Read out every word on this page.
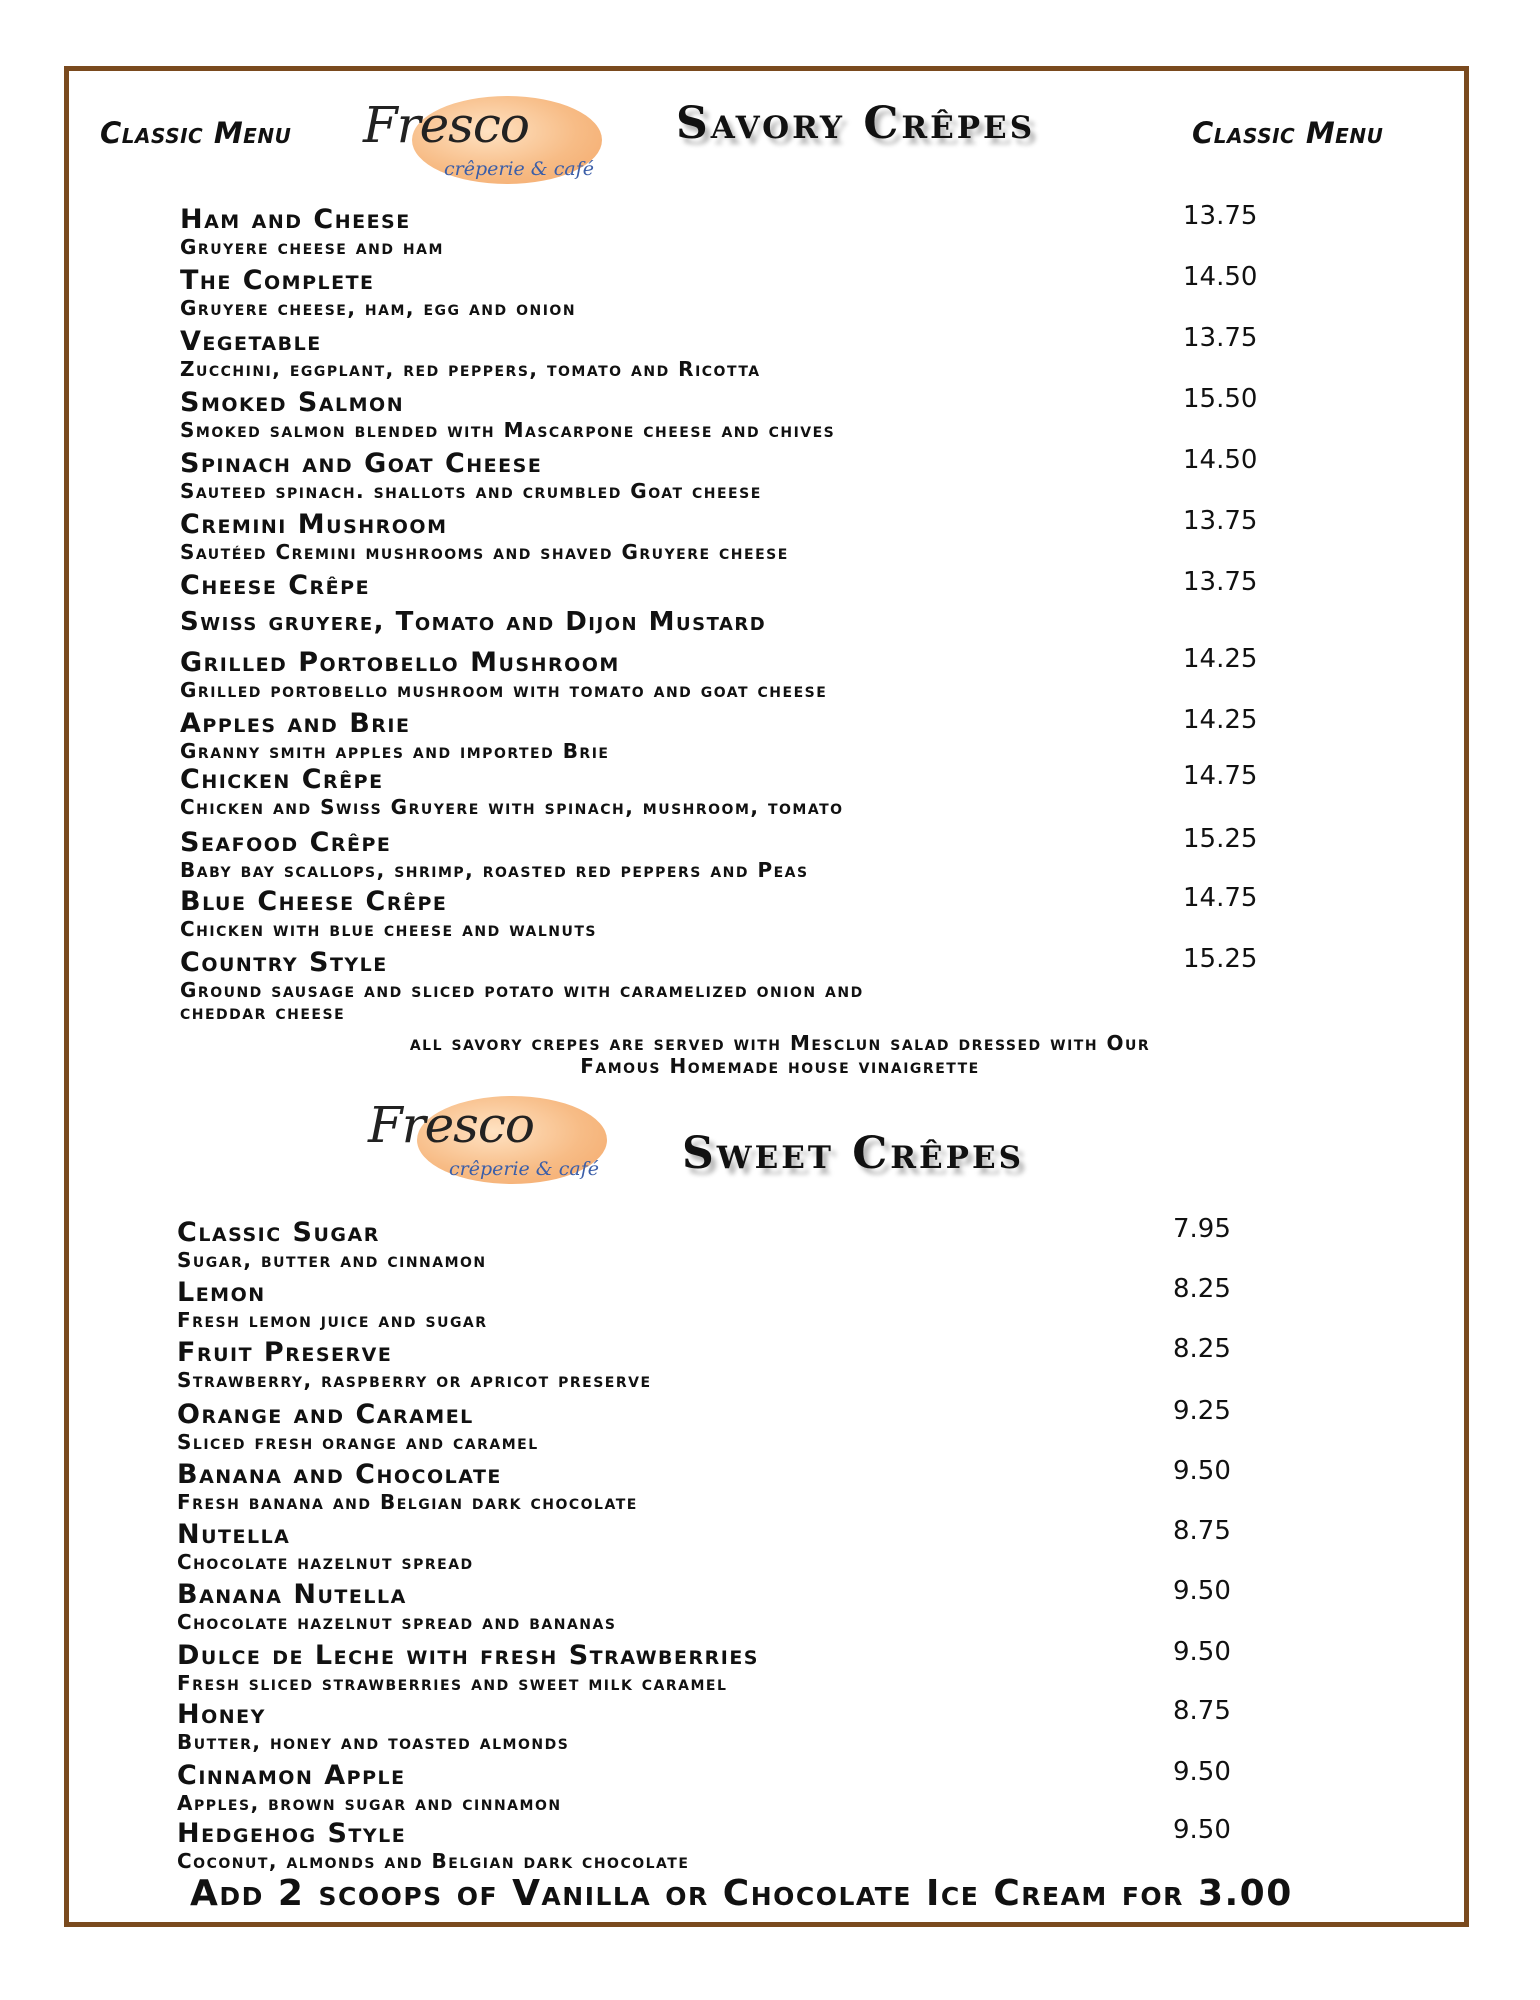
Classic Menu	Classic Menu
Fresco
crêperie & café
Savory Crêpes
Ham and Cheese
Gruyere cheese and ham
13.75
The Complete
Gruyere cheese, ham, egg and onion
14.50
Vegetable
Zucchini, eggplant, red peppers, tomato and Ricotta
13.75
Smoked Salmon
Smoked salmon blended with Mascarpone cheese and chives
15.50
Spinach and Goat Cheese
Sauteed spinach. shallots and crumbled Goat cheese
14.50
Cremini Mushroom
Sautéed Cremini mushrooms and shaved Gruyere cheese
13.75
Cheese Crêpe
Swiss gruyere, Tomato and Dijon Mustard
13.75
Grilled Portobello Mushroom
Grilled portobello mushroom with tomato and goat cheese
14.25
Apples and Brie
Granny smith apples and imported Brie
14.25
Chicken Crêpe
Chicken and Swiss Gruyere with spinach, mushroom, tomato
14.75
Seafood Crêpe
Baby bay scallops, shrimp, roasted red peppers and Peas
15.25
Blue Cheese Crêpe
Chicken with blue cheese and walnuts
14.75
Country Style
Ground sausage and sliced potato with caramelized onion and
cheddar cheese
15.25
all savory crepes are served with Mesclun salad dressed with Our
Famous Homemade house vinaigrette
Fresco
crêperie & café Sweet Crêpes
Classic Sugar
Sugar, butter and cinnamon
7.95
Lemon
Fresh lemon juice and sugar
8.25
Fruit Preserve
Strawberry, raspberry or apricot preserve
8.25
Orange and Caramel
Sliced fresh orange and caramel
9.25
Banana and Chocolate
Fresh banana and Belgian dark chocolate
9.50
Nutella
Chocolate hazelnut spread
8.75
Banana Nutella
Chocolate hazelnut spread and bananas
9.50
Dulce de Leche with fresh Strawberries
Fresh sliced strawberries and sweet milk caramel
9.50
Honey
Butter, honey and toasted almonds
8.75
Cinnamon Apple
Apples, brown sugar and cinnamon
9.50
Hedgehog Style
Coconut, almonds and Belgian dark chocolate
9.50
Add 2 scoops of Vanilla or Chocolate Ice Cream for 3.00
